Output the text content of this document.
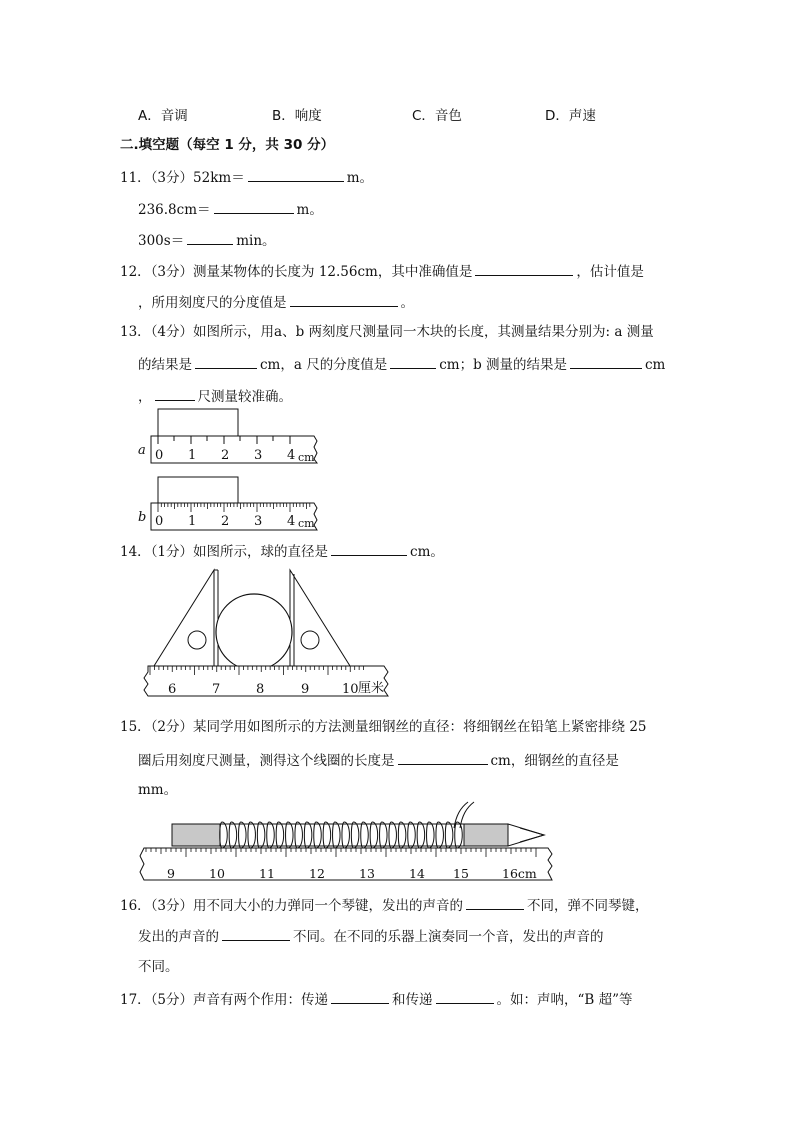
A．音调	B．响度	C．音色	D．声速
二.填空题（每空 1 分，共 30 分）
11．（3分）52km＝	m。
236.8cm＝	m。
300s＝	min。
12．（3分）测量某物体的长度为 12.56cm，其中准确值是	，估计值是
，所用刻度尺的分度值是	。
13．（4分）如图所示，用a、b 两刻度尺测量同一木块的长度，其测量结果分别为: a 测量
的结果是	cm，a 尺的分度值是	cm；b 测量的结果是	cm
，	尺测量较准确。
a 0 1 2 3 4 cm
b 0 1 2 3 4 cm
14．（1分）如图所示，球的直径是	cm。
6	7	8	9	10 厘米
15．（2分）某同学用如图所示的方法测量细钢丝的直径：将细钢丝在铅笔上紧密排绕 25
圈后用刻度尺测量，测得这个线圈的长度是	cm，细钢丝的直径是
mm。
9	10	11	12	13	14 15	16cm
16．（3分）用不同大小的力弹同一个琴键，发出的声音的	不同，弹不同琴键，
发出的声音的	不同。在不同的乐器上演奏同一个音，发出的声音的
不同。
17．（5分）声音有两个作用：传递	和传递	。如：声呐，“B 超”等
